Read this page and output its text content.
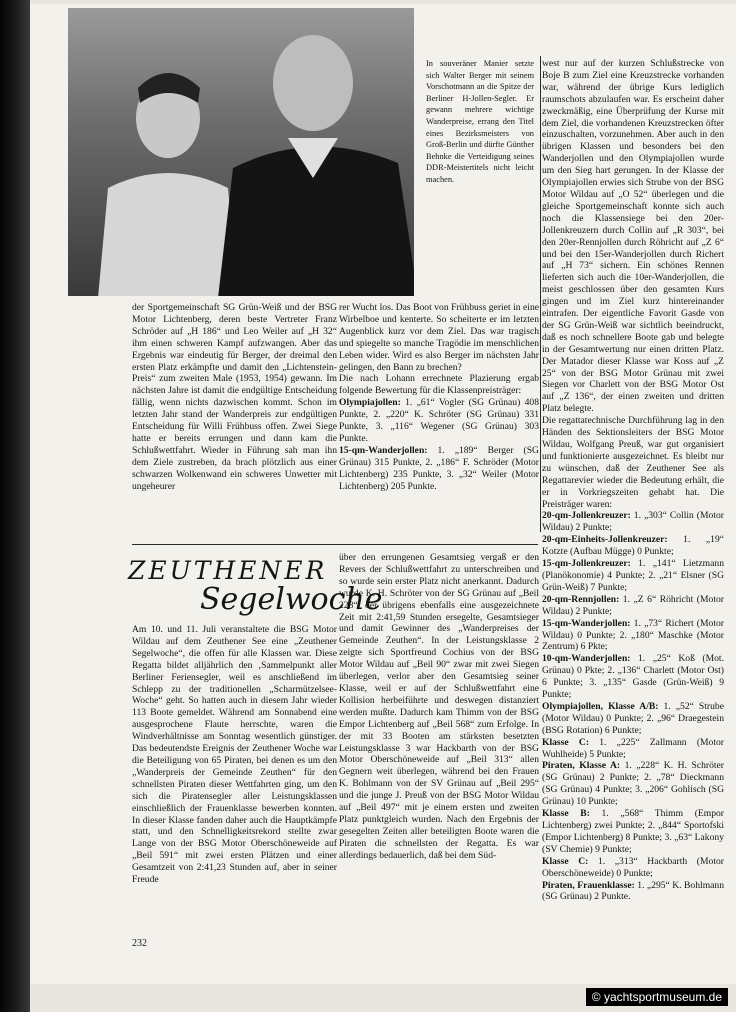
In souveräner Manier setzte sich Walter Berger mit seinem Vorschotmann an die Spitze der Berliner H-Jollen-Segler. Er gewann mehrere wichtige Wanderpreise, errang den Titel eines Bezirksmeisters von Groß-Berlin und dürfte Günther Behnke die Verteidigung seines DDR-Meistertitels nicht leicht machen.

der Sportgemeinschaft SG Grün-Weiß und der BSG Motor Lichtenberg, deren beste Vertreter Franz Schröder auf „H 186“ und Leo Weiler auf „H 32“ ihm einen schweren Kampf aufzwangen. Aber das Ergebnis war eindeutig für Berger, der dreimal den ersten Platz erkämpfte und damit den „Lichtenstein-Preis“ zum zweiten Male (1953, 1954) gewann. Im nächsten Jahre ist damit die endgültige Entscheidung fällig, wenn nichts dazwischen kommt. Schon im letzten Jahr stand der Wanderpreis zur endgültigen Entscheidung für Willi Frühbuss offen. Zwei Siege hatte er bereits errungen und dann kam die Schlußwettfahrt. Wieder in Führung sah man ihn dem Ziele zustreben, da brach plötzlich aus einer schwarzen Wolkenwand ein schweres Unwetter mit ungeheurer

rer Wucht los. Das Boot von Frühbuss geriet in eine Wirbelboe und kenterte. So scheiterte er im letzten Augenblick kurz vor dem Ziel. Das war tragisch und spiegelte so manche Tragödie im menschlichen Leben wider. Wird es also Berger im nächsten Jahr gelingen, den Bann zu brechen?

Die nach Lohann errechnete Plazierung ergab folgende Bewertung für die Klassenpreisträger:

Olympiajollen: 1. „61“ Vogler (SG Grünau) 408 Punkte, 2. „220“ K. Schröter (SG Grünau) 331 Punkte, 3. „116“ Wegener (SG Grünau) 303 Punkte.

15-qm-Wanderjollen: 1. „189“ Berger (SG Grünau) 315 Punkte, 2. „186“ F. Schröder (Motor Lichtenberg) 235 Punkte, 3. „32“ Weiler (Motor Lichtenberg) 205 Punkte.

ZEUTHENER
Segelwoche

Am 10. und 11. Juli veranstaltete die BSG Motor Wildau auf dem Zeuthener See eine „Zeuthener Segelwoche“, die offen für alle Klassen war. Diese Regatta bildet alljährlich den ‚Sammelpunkt aller Berliner Feriensegler, weil es anschließend im Schlepp zu der traditionellen „Scharmützelsee-Woche“ geht. So hatten auch in diesem Jahr wieder 113 Boote gemeldet. Während am Sonnabend eine ausgesprochene Flaute herrschte, waren die Windverhältnisse am Sonntag wesentlich günstiger. Das bedeutendste Ereignis der Zeuthener Woche war die Beteiligung von 65 Piraten, bei denen es um den „Wanderpreis der Gemeinde Zeuthen“ für den schnellsten Piraten dieser Wettfahrten ging, um den sich die Piratensegler aller Leistungsklassen einschließlich der Frauenklasse bewerben konnten. In dieser Klasse fanden daher auch die Hauptkämpfe statt, und den Schnelligkeitsrekord stellte zwar Lange von der BSG Motor Oberschöneweide auf „Beil 591“ mit zwei ersten Plätzen und einer Gesamtzeit von 2:41,23 Stunden auf, aber in seiner Freude

über den errungenen Gesamtsieg vergaß er den Revers der Schlußwettfahrt zu unterschreiben und so wurde sein erster Platz nicht anerkannt. Dadurch wurde K. H. Schröter von der SG Grünau auf „Beil 228“, der übrigens ebenfalls eine ausgezeichnete Zeit mit 2:41,59 Stunden ersegelte, Gesamtsieger und damit Gewinner des „Wanderpreises der Gemeinde Zeuthen“. In der Leistungsklasse 2 zeigte sich Sportfreund Cochius von der BSG Motor Wildau auf „Beil 90“ zwar mit zwei Siegen überlegen, verlor aber den Gesamtsieg seiner Klasse, weil er auf der Schlußwettfahrt eine Kollision herbeiführte und deswegen distanziert werden mußte. Dadurch kam Thimm von der BSG Empor Lichtenberg auf „Beil 568“ zum Erfolge. In der mit 33 Booten am stärksten besetzten Leistungsklasse 3 war Hackbarth von der BSG Motor Oberschöneweide auf „Beil 313“ allen Gegnern weit überlegen, während bei den Frauen K. Bohlmann von der SV Grünau auf „Beil 295“ und die junge J. Preuß von der BSG Motor Wildau auf „Beil 497“ mit je einem ersten und zweiten Platz punktgleich wurden. Nach den Ergebnis der gesegelten Zeiten aller beteiligten Boote waren die Piraten die schnellsten der Regatta. Es war allerdings bedauerlich, daß bei dem Süd-

west nur auf der kurzen Schlußstrecke von Boje B zum Ziel eine Kreuzstrecke vorhanden war, während der übrige Kurs lediglich raumschots abzulaufen war. Es erscheint daher zweckmäßig, eine Überprüfung der Kurse mit dem Ziel, die vorhandenen Kreuzstrecken öfter einzuschalten, vorzunehmen. Aber auch in den übrigen Klassen und besonders bei den Wanderjollen und den Olympiajollen wurde um den Sieg hart gerungen. In der Klasse der Olympiajollen erwies sich Strube von der BSG Motor Wildau auf „O 52“ überlegen und die gleiche Sportgemeinschaft konnte sich auch noch die Klassensiege bei den 20er-Jollenkreuzern durch Collin auf „R 303“, bei den 20er-Rennjollen durch Röhricht auf „Z 6“ und bei den 15er-Wanderjollen durch Richert auf „H 73“ sichern. Ein schönes Rennen lieferten sich auch die 10er-Wanderjollen, die meist geschlossen über den gesamten Kurs gingen und im Ziel kurz hintereinander eintrafen. Der eigentliche Favorit Gasde von der SG Grün-Weiß war sichtlich beeindruckt, daß es noch schnellere Boote gab und belegte in der Gesamtwertung nur einen dritten Platz. Der Matador dieser Klasse war Koss auf „Z 25“ von der BSG Motor Grünau mit zwei Siegen vor Charlett von der BSG Motor Ost auf „Z 136“, der einen zweiten und dritten Platz belegte.

Die regattatechnische Durchführung lag in den Händen des Sektionsleiters der BSG Motor Wildau, Wolfgang Preuß, war gut organisiert und funktionierte ausgezeichnet. Es bleibt nur zu wünschen, daß der Zeuthener See als Regattarevier wieder die Bedeutung erhält, die er in Vorkriegszeiten gehabt hat. Die Preisträger waren:

20-qm-Jollenkreuzer: 1. „303“ Collin (Motor Wildau) 2 Punkte;

20-qm-Einheits-Jollenkreuzer: 1. „19“ Kotzte (Aufbau Mügge) 0 Punkte;

15-qm-Jollenkreuzer: 1. „141“ Lietzmann (Planökonomie) 4 Punkte; 2. „21“ Elsner (SG Grün-Weiß) 7 Punkte;

20-qm-Rennjollen: 1. „Z 6“ Röhricht (Motor Wildau) 2 Punkte;

15-qm-Wanderjollen: 1. „73“ Richert (Motor Wildau) 0 Punkte; 2. „180“ Maschke (Motor Zentrum) 6 Pkte;

10-qm-Wanderjollen: 1. „25“ Koß (Mot. Grünau) 0 Pkte; 2. „136“ Charlett (Motor Ost) 6 Punkte; 3. „135“ Gasde (Grün-Weiß) 9 Punkte;

Olympiajollen, Klasse A/B: 1. „52“ Strube (Motor Wildau) 0 Punkte; 2. „96“ Draegestein (BSG Rotation) 6 Punkte;

Klasse C: 1. „225“ Zallmann (Motor Wuhlheide) 5 Punkte;

Piraten, Klasse A: 1. „228“ K. H. Schröter (SG Grünau) 2 Punkte; 2. „78“ Dieckmann (SG Grünau) 4 Punkte; 3. „206“ Gohlisch (SG Grünau) 10 Punkte;

Klasse B: 1. „568“ Thimm (Empor Lichtenberg) zwei Punkte; 2. „844“ Sportofski (Empor Lichtenberg) 8 Punkte; 3. „63“ Lakony (SV Chemie) 9 Punkte;

Klasse C: 1. „313“ Hackbarth (Motor Oberschöneweide) 0 Punkte;

Piraten, Frauenklasse: 1. „295“ K. Bohlmann (SG Grünau) 2 Punkte.

232
© yachtsportmuseum.de
